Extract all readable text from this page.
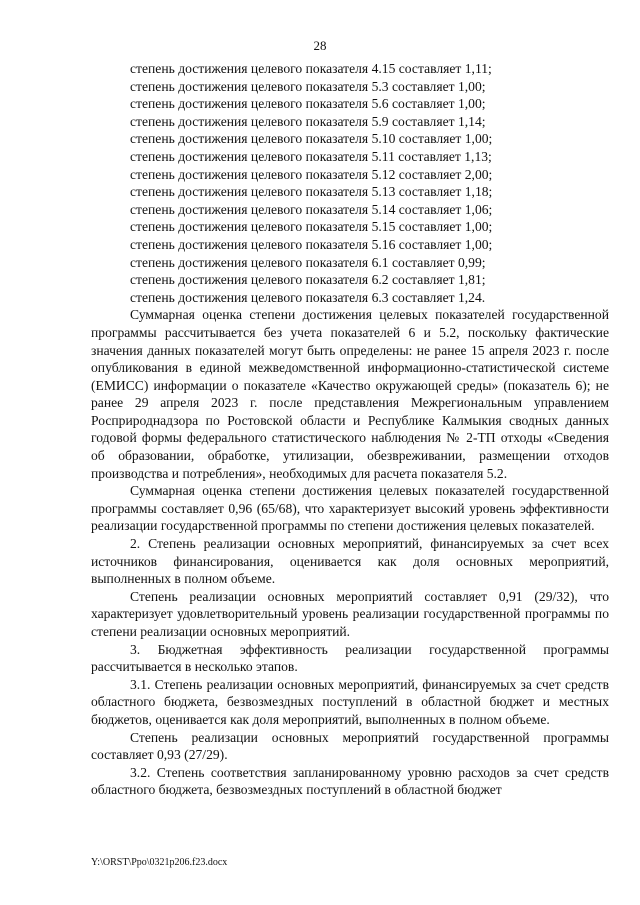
28

степень достижения целевого показателя 4.15 составляет 1,11;

степень достижения целевого показателя 5.3 составляет 1,00;

степень достижения целевого показателя 5.6 составляет 1,00;

степень достижения целевого показателя 5.9 составляет 1,14;

степень достижения целевого показателя 5.10 составляет 1,00;

степень достижения целевого показателя 5.11 составляет 1,13;

степень достижения целевого показателя 5.12 составляет 2,00;

степень достижения целевого показателя 5.13 составляет 1,18;

степень достижения целевого показателя 5.14 составляет 1,06;

степень достижения целевого показателя 5.15 составляет 1,00;

степень достижения целевого показателя 5.16 составляет 1,00;

степень достижения целевого показателя 6.1 составляет 0,99;

степень достижения целевого показателя 6.2 составляет 1,81;

степень достижения целевого показателя 6.3 составляет 1,24.

Суммарная оценка степени достижения целевых показателей государственной программы рассчитывается без учета показателей 6 и 5.2, поскольку фактические значения данных показателей могут быть определены: не ранее 15 апреля 2023 г. после опубликования в единой межведомственной информационно-статистической системе (ЕМИСС) информации о показателе «Качество окружающей среды» (показатель 6); не ранее 29 апреля 2023 г. после представления Межрегиональным управлением Росприроднадзора по Ростовской области и Республике Калмыкия сводных данных годовой формы федерального статистического наблюдения № 2-ТП отходы «Сведения об образовании, обработке, утилизации, обезвреживании, размещении отходов производства и потребления», необходимых для расчета показателя 5.2.

Суммарная оценка степени достижения целевых показателей государственной программы составляет 0,96 (65/68), что характеризует высокий уровень эффективности реализации государственной программы по степени достижения целевых показателей.

2. Степень реализации основных мероприятий, финансируемых за счет всех источников финансирования, оценивается как доля основных мероприятий, выполненных в полном объеме.

Степень реализации основных мероприятий составляет 0,91 (29/32), что характеризует удовлетворительный уровень реализации государственной программы по степени реализации основных мероприятий.

3. Бюджетная эффективность реализации государственной программы рассчитывается в несколько этапов.

3.1. Степень реализации основных мероприятий, финансируемых за счет средств областного бюджета, безвозмездных поступлений в областной бюджет и местных бюджетов, оценивается как доля мероприятий, выполненных в полном объеме.

Степень реализации основных мероприятий государственной программы составляет 0,93 (27/29).

3.2. Степень соответствия запланированному уровню расходов за счет средств областного бюджета, безвозмездных поступлений в областной бюджет

Y:\ORST\Ppo\0321p206.f23.docx
